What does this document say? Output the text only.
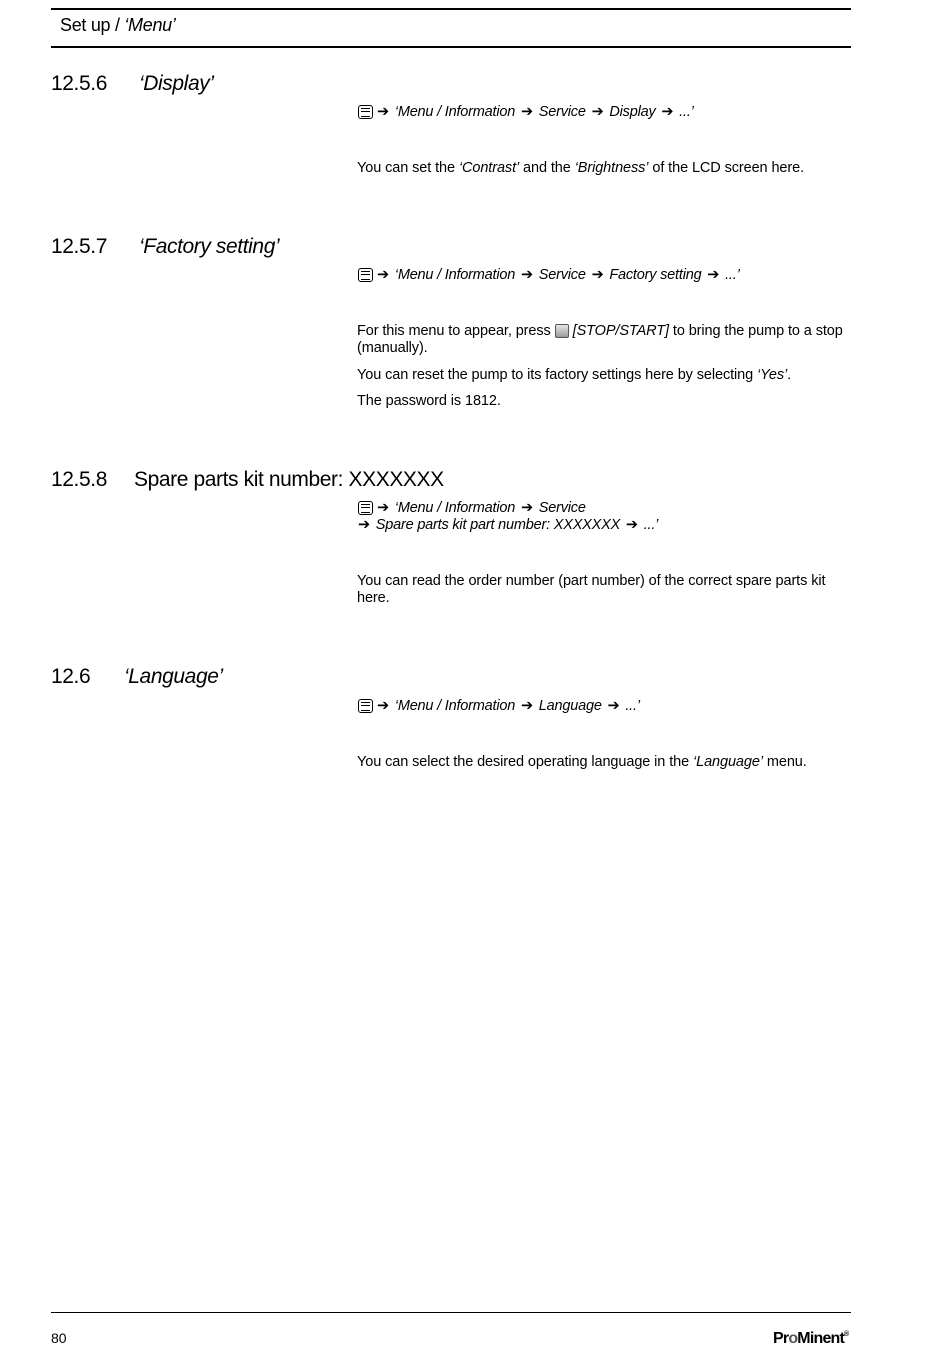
Set up / ‘Menu’
12.5.6 ‘Display’
➔ ‘Menu / Information ➔ Service ➔ Display ➔ ...’
You can set the ‘Contrast’ and the ‘Brightness’ of the LCD screen here.
12.5.7 ‘Factory setting’
➔ ‘Menu / Information ➔ Service ➔ Factory setting ➔ ...’
For this menu to appear, press [STOP/START] to bring the pump to a stop (manually).
You can reset the pump to its factory settings here by selecting ‘Yes’.
The password is 1812.
12.5.8 Spare parts kit number: XXXXXXX
➔ ‘Menu / Information ➔ Service
➔ Spare parts kit part number: XXXXXXX ➔ ...’
You can read the order number (part number) of the correct spare parts kit here.
12.6 ‘Language’
➔ ‘Menu / Information ➔ Language ➔ ...’
You can select the desired operating language in the ‘Language’ menu.
80	ProMinent®
